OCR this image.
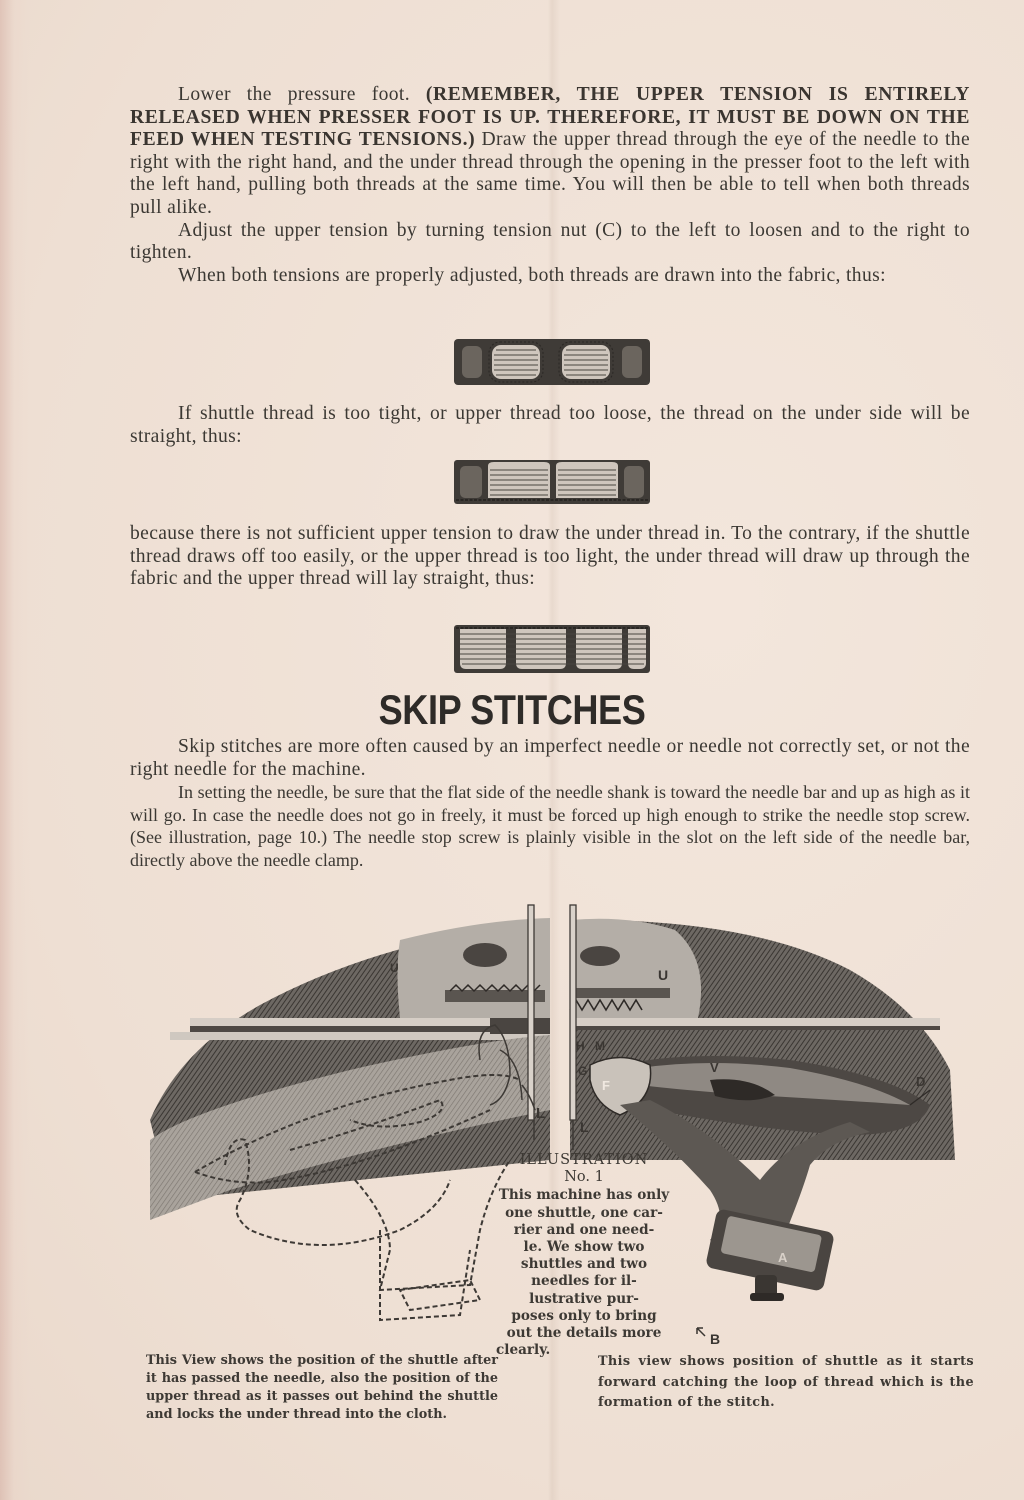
Lower the pressure foot. (REMEMBER, THE UPPER TENSION IS ENTIRELY RELEASED WHEN PRESSER FOOT IS UP. THEREFORE, IT MUST BE DOWN ON THE FEED WHEN TESTING TENSIONS.) Draw the upper thread through the eye of the needle to the right with the right hand, and the under thread through the opening in the presser foot to the left with the left hand, pulling both threads at the same time. You will then be able to tell when both threads pull alike.

Adjust the upper tension by turning tension nut (C) to the left to loosen and to the right to tighten.

When both tensions are properly adjusted, both threads are drawn into the fabric, thus:

If shuttle thread is too tight, or upper thread too loose, the thread on the under side will be straight, thus:

because there is not sufficient upper tension to draw the under thread in. To the contrary, if the shuttle thread draws off too easily, or the upper thread is too light, the under thread will draw up through the fabric and the upper thread will lay straight, thus:

SKIP STITCHES

Skip stitches are more often caused by an imperfect needle or needle not correctly set, or not the right needle for the machine.

In setting the needle, be sure that the flat side of the needle shank is toward the needle bar and up as high as it will go. In case the needle does not go in freely, it must be forced up high enough to strike the needle stop screw. (See illustration, page 10.) The needle stop screw is plainly visible in the slot on the left side of the needle bar, directly above the needle clamp.

U
L
U
H M
G
F
V
D
L
A
B
ILLUSTRATION
No. 1
This machine has only
one shuttle, one car-
rier and one need-
le. We show two
shuttles and two
needles for il-
lustrative pur-
poses only to bring
out the details more
clearly.
This View shows the position of the shuttle after it has passed the needle, also the position of the upper thread as it passes out behind the shuttle and locks the under thread into the cloth.
This view shows position of shuttle as it starts forward catching the loop of thread which is the formation of the stitch.
